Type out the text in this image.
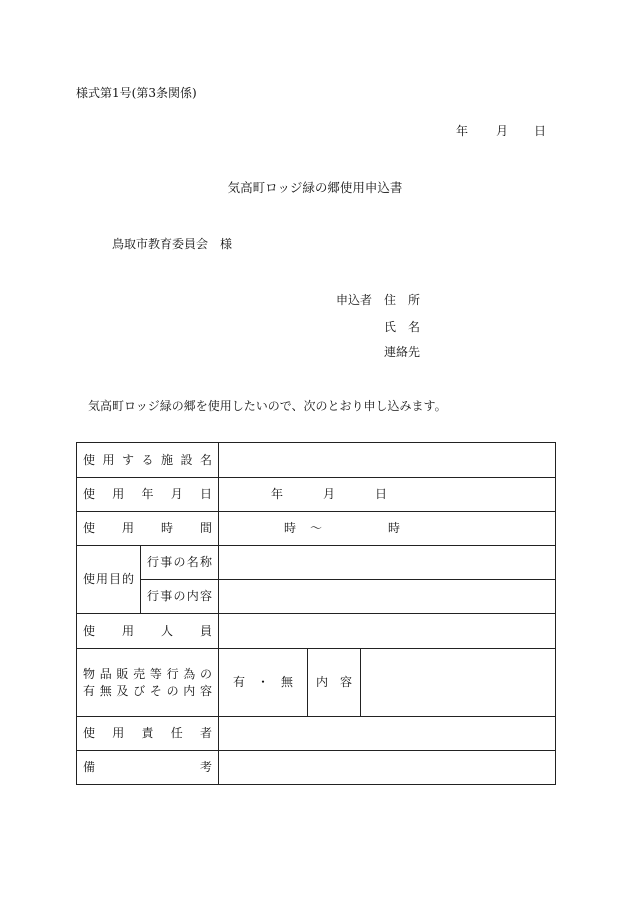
様式第1号(第3条関係)
年 月 日
気高町ロッジ緑の郷使用申込書
鳥取市教育委員会　様
申込者 住　所
氏　名
連絡先
気高町ロッジ緑の郷を使用したいので、次のとおり申し込みます。
使用する施設名				
使用年月日		年 月 日		
使用時間		時 ～ 時		
使用目的	行事の名称			
	行事の内容			
使用人員				

物品販売等行為の
有無及びその内容		有　・　無	内　容	
使用責任者				
備考				
